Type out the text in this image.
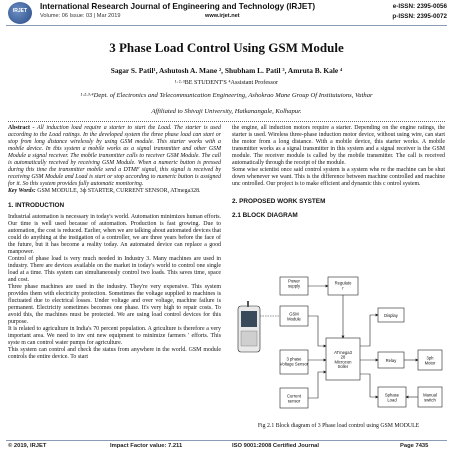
IRJET	International Research Journal of Engineering and Technology (IRJET)
Volume: 06 Issue: 03 | Mar 2019	www.irjet.net
e-ISSN: 2395-0056
p-ISSN: 2395-0072
3 Phase Load Control Using GSM Module
Sagar S. Patil¹, Ashutosh A. Mane ², Shubham L. Patil ³, Amruta B. Kale ⁴
¹·²·³BE STUDENT'S ⁴Assistant Professor
¹·²·³·⁴Dept. of Electronics and Telecommunication Engineering, Ashokrao Mane Group Of Institutuions, Vathar
Affiliated to Shivaji University, Hatkanangale, Kolhapur.

Abstract - All induction load require a starter to start the Load. The starter is used according to the Load ratings. In the developed system the three phase load can start or stop from long distance wirelessly by using GSM module. This starter works with a mobile device. In this system a mobile works as a signal transmitter and other GSM Module a signal receiver. The mobile transmitter calls to receiver GSM Module. The call is automatically received by receiving GSM Module. When a numeric button is pressed during this time the transmitter mobile send a DTMF signal, this signal is received by receiving GSM Module and Load is start or stop according to numeric button is assigned for it. So this system provides fully automatic monitoring.

Key Words: GSM MODULE, 3ф STARTER, CURRENT SENSOR, ATmega328.

1. INTRODUCTION

Industrial automation is necessary in today's world. Automation minimizes human efforts. Our time is well used because of automation. Production is fast growing. Due to automation, the cost is reduced. Earlier, when we are talking about automated devices that could do anything at the instigation of a controller, we are three years before the face of the future, but it has become a reality today. An automated device can replace a good manpower.

Control of phase load is very much needed in Industry 3. Many machines are used in industry. There are devices available on the market in today's world to control one single load at a time. This system can simultaneously control two loads. This saves time, space and cost.

Three phase machines are used in the industry. They're very expensive. This system provides them with electricity protection. Sometimes the voltage supplied to machines is fluctuated due to electrical losses. Under voltage and over voltage, machine failure is permanent. Electricity sometimes becomes one phase. It's very high to repair costs. To avoid this, the machines must be protected. We are using load control devices for this purpose.

It is related to agriculture in India's 70 percent population. A griculture is therefore a very important area. We need to inv ent new equipment to minimize farmers ' efforts. This syste m can control water pumps for agriculture.

This system can control and check the status from anywhere in the world. GSM module controls the entire device. To start

the engine, all induction motors require a starter. Depending on the engine ratings, the starter is used. Wireless three-phase induction motor device, without using wire, can start the motor from a long distance. With a mobile device, this starter works. A mobile transmitter works as a signal transmitter in this system and a signal receiver is the GSM module. The receiver module is called by the mobile transmitter. The call is received automatically through the receipt of the module.

Some wise scientist once said control system is a system whe re the machine can be shut down whenever we want. This is the difference between machine controlled and machine unc ontrolled. Our project is to make efficient and dynamic this c ontrol system.

2. PROPOSED WORK SYSTEM
2.1 BLOCK DIAGRAM
Power supply
Regulato r
GSM Module
3 phase Voltage Sensor
Current sensor
ATmega3 28 Microcon troller
Display
Relay	3ph Motor
Sphase Load
Manual switch
Fig 2.1 Block diagram of 3 Phase load control using GSM MODULE
© 2019, IRJET	Impact Factor value: 7.211	ISO 9001:2008 Certified Journal	Page 7435
